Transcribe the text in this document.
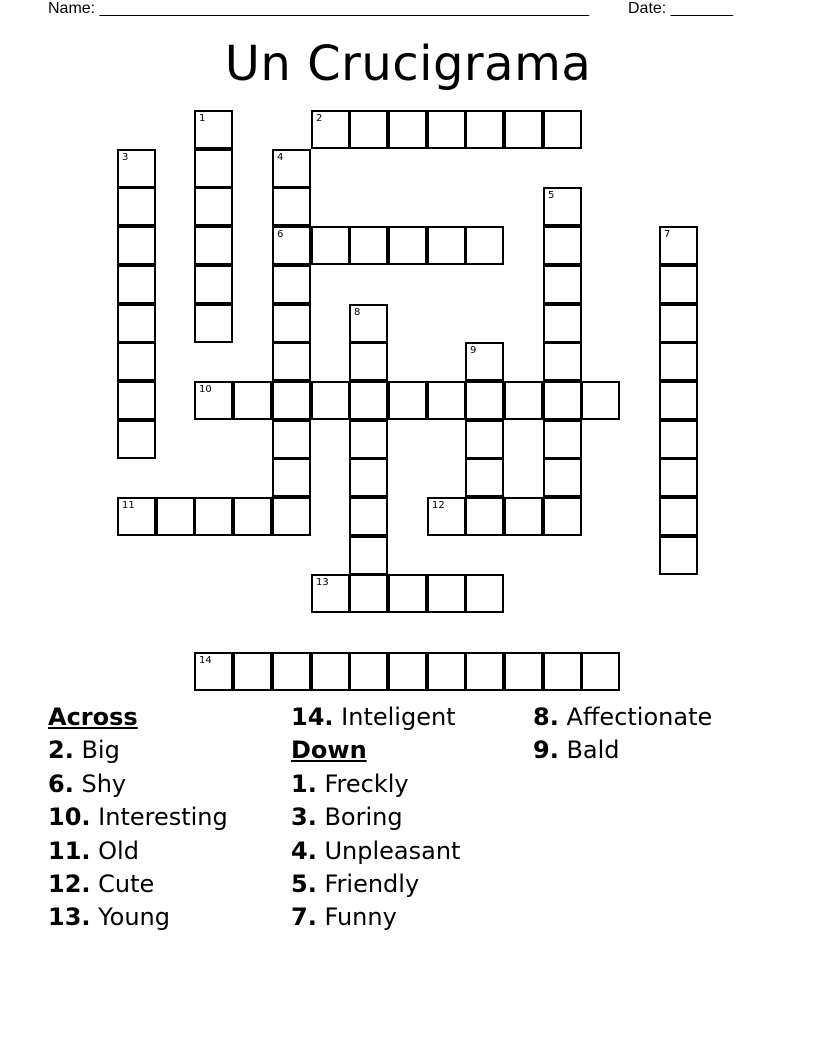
Name: _______________________________________________________ Date: _______
Un Crucigrama
1	2
3	4
5
6	7
8
9
10
11	12
13
14
Across
2. Big
6. Shy
10. Interesting
11. Old
12. Cute
13. Young
14. Inteligent
Down
1. Freckly
3. Boring
4. Unpleasant
5. Friendly
7. Funny
8. Affectionate
9. Bald
